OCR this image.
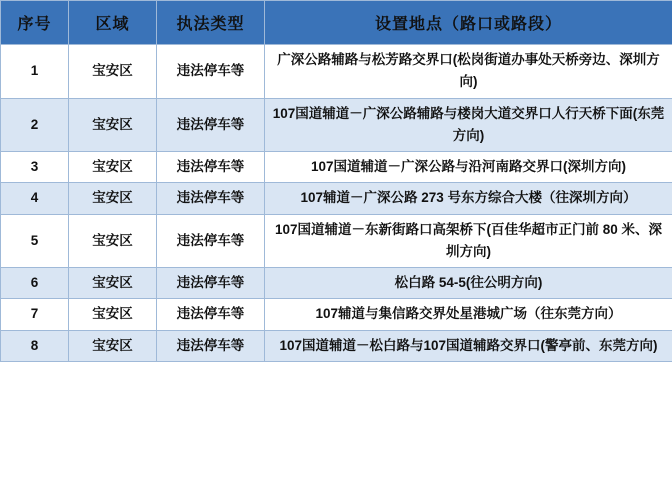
序号	区域	执法类型	设置地点（路口或路段）
1	宝安区	违法停车等	广深公路辅路与松芳路交界口(松岗街道办事处天桥旁边、深圳方向)
2	宝安区	违法停车等	107国道辅道－广深公路辅路与楼岗大道交界口人行天桥下面(东莞方向)
3	宝安区	违法停车等	107国道辅道－广深公路与沿河南路交界口(深圳方向)
4	宝安区	违法停车等	107辅道－广深公路 273 号东方综合大楼（往深圳方向）
5	宝安区	违法停车等	107国道辅道－东新街路口高架桥下(百佳华超市正门前 80 米、深圳方向)
6	宝安区	违法停车等	松白路 54-5(往公明方向)
7	宝安区	违法停车等	107辅道与集信路交界处星港城广场（往东莞方向）
8	宝安区	违法停车等	107国道辅道－松白路与107国道辅路交界口(警亭前、东莞方向)
